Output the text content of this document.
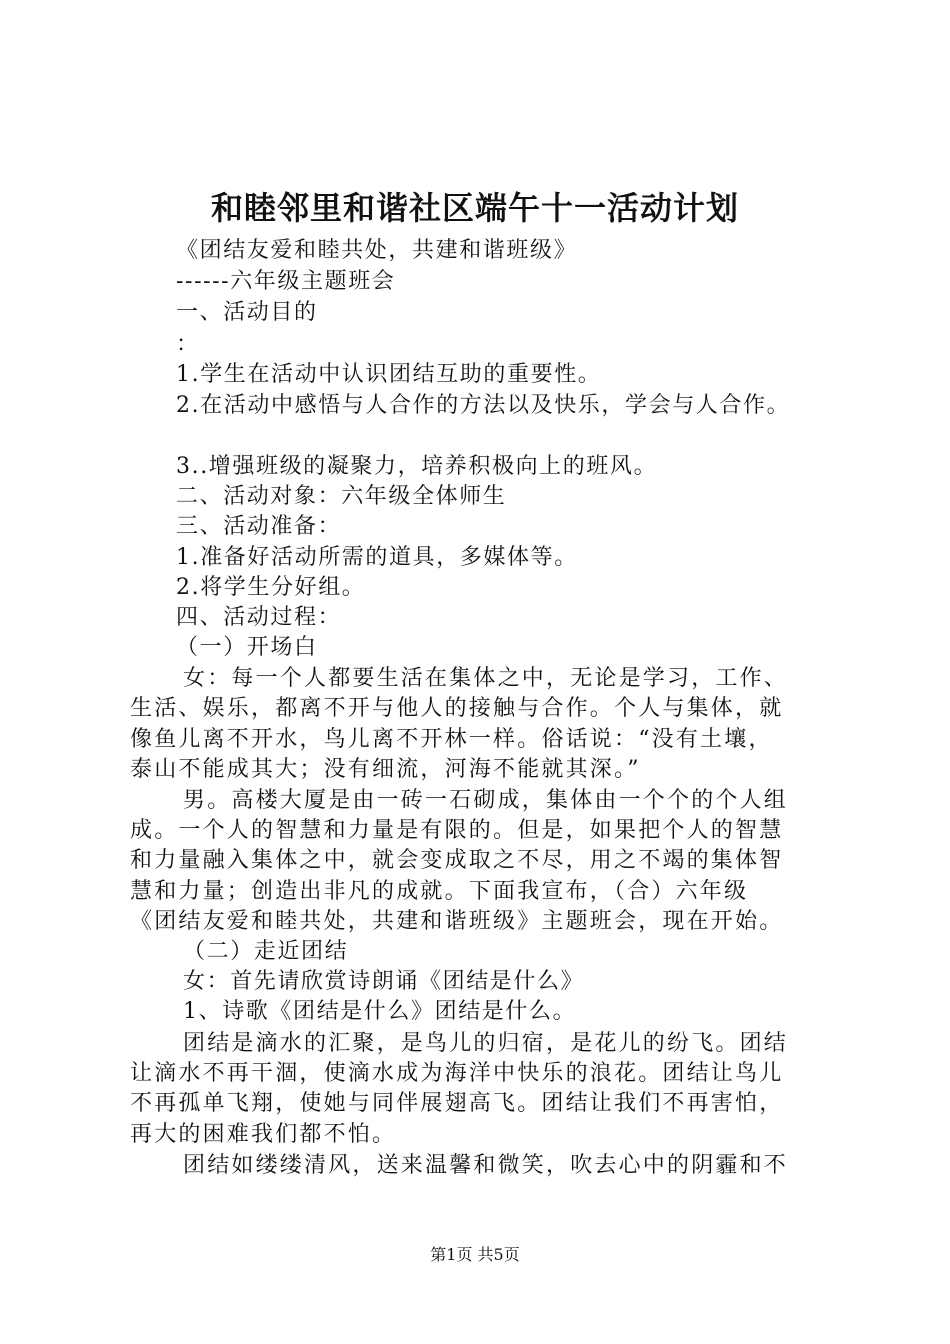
和睦邻里和谐社区端午十一活动计划
《团结友爱和睦共处，共建和谐班级》
------六年级主题班会
一、活动目的
：
1.学生在活动中认识团结互助的重要性。
2.在活动中感悟与人合作的方法以及快乐，学会与人合作。
3..增强班级的凝聚力，培养积极向上的班风。
二、活动对象：六年级全体师生
三、活动准备：
1.准备好活动所需的道具，多媒体等。
2.将学生分好组。
四、活动过程：
（一）开场白
女：每一个人都要生活在集体之中，无论是学习，工作、
生活、娱乐，都离不开与他人的接触与合作。个人与集体，就
像鱼儿离不开水，鸟儿离不开林一样。俗话说：“没有土壤，
泰山不能成其大；没有细流，河海不能就其深。”
男。高楼大厦是由一砖一石砌成，集体由一个个的个人组
成。一个人的智慧和力量是有限的。但是，如果把个人的智慧
和力量融入集体之中，就会变成取之不尽，用之不竭的集体智
慧和力量；创造出非凡的成就。下面我宣布，（合）六年级
《团结友爱和睦共处，共建和谐班级》主题班会，现在开始。
（二）走近团结
女：首先请欣赏诗朗诵《团结是什么》
1、诗歌《团结是什么》团结是什么。
团结是滴水的汇聚，是鸟儿的归宿，是花儿的纷飞。团结
让滴水不再干涸，使滴水成为海洋中快乐的浪花。团结让鸟儿
不再孤单飞翔，使她与同伴展翅高飞。团结让我们不再害怕，
再大的困难我们都不怕。
团结如缕缕清风，送来温馨和微笑，吹去心中的阴霾和不
第1页 共5页
